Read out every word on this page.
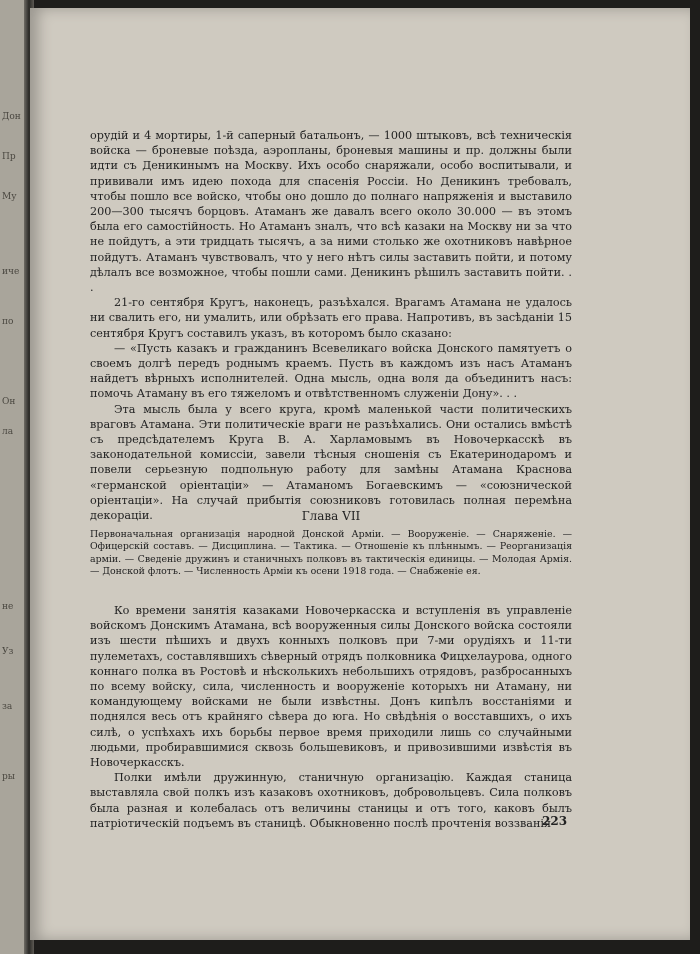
Дон
Пр
Му
иче
по
Он
ла
не
Уз
за
ры

орудій и 4 мортиры, 1-й саперный батальонъ, — 1000 штыковъ, всѣ техническія войска — броневые поѣзда, аэропланы, броневыя машины и пр. должны были идти съ Деникинымъ на Москву. Ихъ особо снаряжали, особо воспитывали, и прививали имъ идею похода для спасенія Россіи. Но Деникинъ требовалъ, чтобы пошло все войско, чтобы оно дошло до полнаго напряженія и выставило 200—300 тысячъ борцовъ. Атаманъ же давалъ всего около 30.000 — въ этомъ была его самостійность. Но Атаманъ зналъ, что всѣ казаки на Москву ни за что не пойдутъ, а эти тридцать тысячъ, а за ними столько же охотниковъ навѣрное пойдутъ. Атаманъ чувствовалъ, что у него нѣтъ силы заставить пойти, и потому дѣлалъ все возможное, чтобы пошли сами. Деникинъ рѣшилъ заставить пойти. . .

21-го сентября Кругъ, наконецъ, разъѣхался. Врагамъ Атамана не удалось ни свалить его, ни умалить, или обрѣзать его права. Напротивъ, въ засѣданіи 15 сентября Кругъ составилъ указъ, въ которомъ было сказано:

— «Пусть казакъ и гражданинъ Всевеликаго войска Донского памятуетъ о своемъ долгѣ передъ роднымъ краемъ. Пусть въ каждомъ изъ насъ Атаманъ найдетъ вѣрныхъ исполнителей. Одна мысль, одна воля да объединитъ насъ: помочь Атаману въ его тяжеломъ и отвѣтственномъ служеніи Дону». . .

Эта мысль была у всего круга, кромѣ маленькой части политическихъ враговъ Атамана. Эти политическіе враги не разъѣхались. Они остались вмѣстѣ съ предсѣдателемъ Круга В. А. Харламовымъ въ Новочеркасскѣ въ законодательной комиссіи, завели тѣсныя сношенія съ Екатеринодаромъ и повели серьезную подпольную работу для замѣны Атамана Краснова «германской оріентаціи» — Атаманомъ Богаевскимъ — «союзнической оріентаціи». На случай прибытія союзниковъ готовилась полная перемѣна декораціи.	Глава VII

Первоначальная организація народной Донской Арміи. — Вооруженіе. — Снаряженіе. — Офицерскій составъ. — Дисциплина. — Тактика. — Отношеніе къ плѣннымъ. — Реорганизація арміи. — Сведеніе дружинъ и станичныхъ полковъ въ тактическія единицы. — Молодая Армія. — Донской флотъ. — Численность Арміи къ осени 1918 года. — Снабженіе ея.

Ко времени занятія казаками Новочеркасска и вступленія въ управленіе войскомъ Донскимъ Атамана, всѣ вооруженныя силы Донского войска состояли изъ шести пѣшихъ и двухъ конныхъ полковъ при 7-ми орудіяхъ и 11-ти пулеметахъ, составлявшихъ сѣверный отрядъ полковника Фицхелаурова, одного коннаго полка въ Ростовѣ и нѣсколькихъ небольшихъ отрядовъ, разбросанныхъ по всему войску, сила, численность и вооруженіе которыхъ ни Атаману, ни командующему войсками не были извѣстны. Донъ кипѣлъ восстаніями и поднялся весь отъ крайняго сѣвера до юга. Но свѣдѣнія о восставшихъ, о ихъ силѣ, о успѣхахъ ихъ борьбы первое время приходили лишь со случайными людьми, пробиравшимися сквозь большевиковъ, и привозившими извѣстія въ Новочеркасскъ.

Полки имѣли дружинную, станичную организацію. Каждая станица выставляла свой полкъ изъ казаковъ охотниковъ, добровольцевъ. Сила полковъ была разная и колебалась отъ величины станицы и отъ того, каковъ былъ патріотическій подъемъ въ станицѣ. Обыкновенно послѣ прочтенія воззванія

223
